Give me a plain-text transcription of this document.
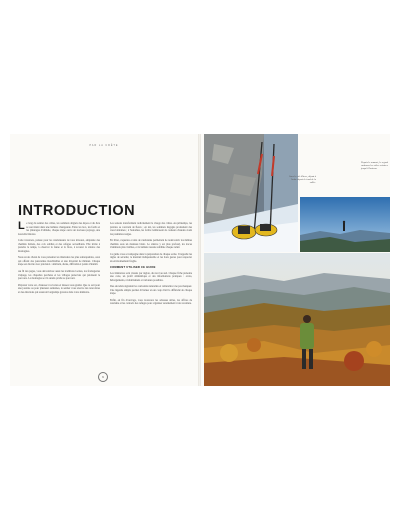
PAR LA CRÊTE
INTRODUCTION

Le long du sentier des crêtes, les sommets alignés des Alpes et du Jura se succèdent dans une lumière changeante. Entre les lacs, les forêts et les pâturages d'altitude, chaque étape ouvre un nouveau paysage, une nouvelle histoire.

Cette traversée, pensée pour les randonneurs de tous niveaux, emprunte des chemins balisés, des cols oubliés et des refuges accueillants. Elle invite à prendre le temps, à observer la faune et la flore, à écouter le silence des montagnes.

Nous avons choisi de vous présenter les itinéraires les plus remarquables, ceux qui offrent des panoramas inoubliables et une diversité de milieux. Chaque étape est décrite avec précision : dénivelé, durée, difficulté et points d'intérêt.

Au fil des pages, vous découvrirez aussi les traditions locales, les fromageries d'alpage, les chapelles perchées et les villages préservés qui jalonnent le parcours. La montagne se vit autant qu'elle se parcourt.

Préparez votre sac, chaussez vos bottes et laissez-vous guider. Que ce soit pour une journée ou pour plusieurs semaines, le sentier vous réserve des rencontres et des émotions qui resteront longtemps gravées dans votre mémoire.

Les saisons transforment radicalement le visage des crêtes. Au printemps, les prairies se couvrent de fleurs ; en été, les sommets dégagés promettent des vues lointaines ; à l'automne, les forêts s'embrasent de couleurs chaudes avant les premières neiges.

En hiver, raquettes et skis de randonnée permettent de redécouvrir les mêmes chemins sous un manteau blanc. Le silence y est plus profond, les traces d'animaux plus visibles, et la lumière rasante sublime chaque relief.

Ce guide vous accompagne dans la préparation de chaque sortie. Il rappelle les règles de sécurité, le matériel indispensable et les bons gestes pour respecter un environnement fragile.

COMMENT UTILISER CE GUIDE

Les itinéraires sont classés par région, du nord au sud. Chaque fiche présente une carte, un profil altimétrique et des informations pratiques : accès, hébergements, ravitaillement et variantes possibles.

Des encadrés signalent les curiosités naturelles et culturelles à ne pas manquer. Une légende simple permet d'évaluer en un coup d'œil la difficulté de chaque étape.

Enfin, en fin d'ouvrage, vous trouverez les adresses utiles, les offices de tourisme et les contacts des refuges pour organiser sereinement votre aventure.

9
Sous le ciel d'hiver, départ à l'aube depuis le fond de la vallée.
Depuis le sommet, le regard embrasse les crêtes voisines jusqu'à l'horizon.
